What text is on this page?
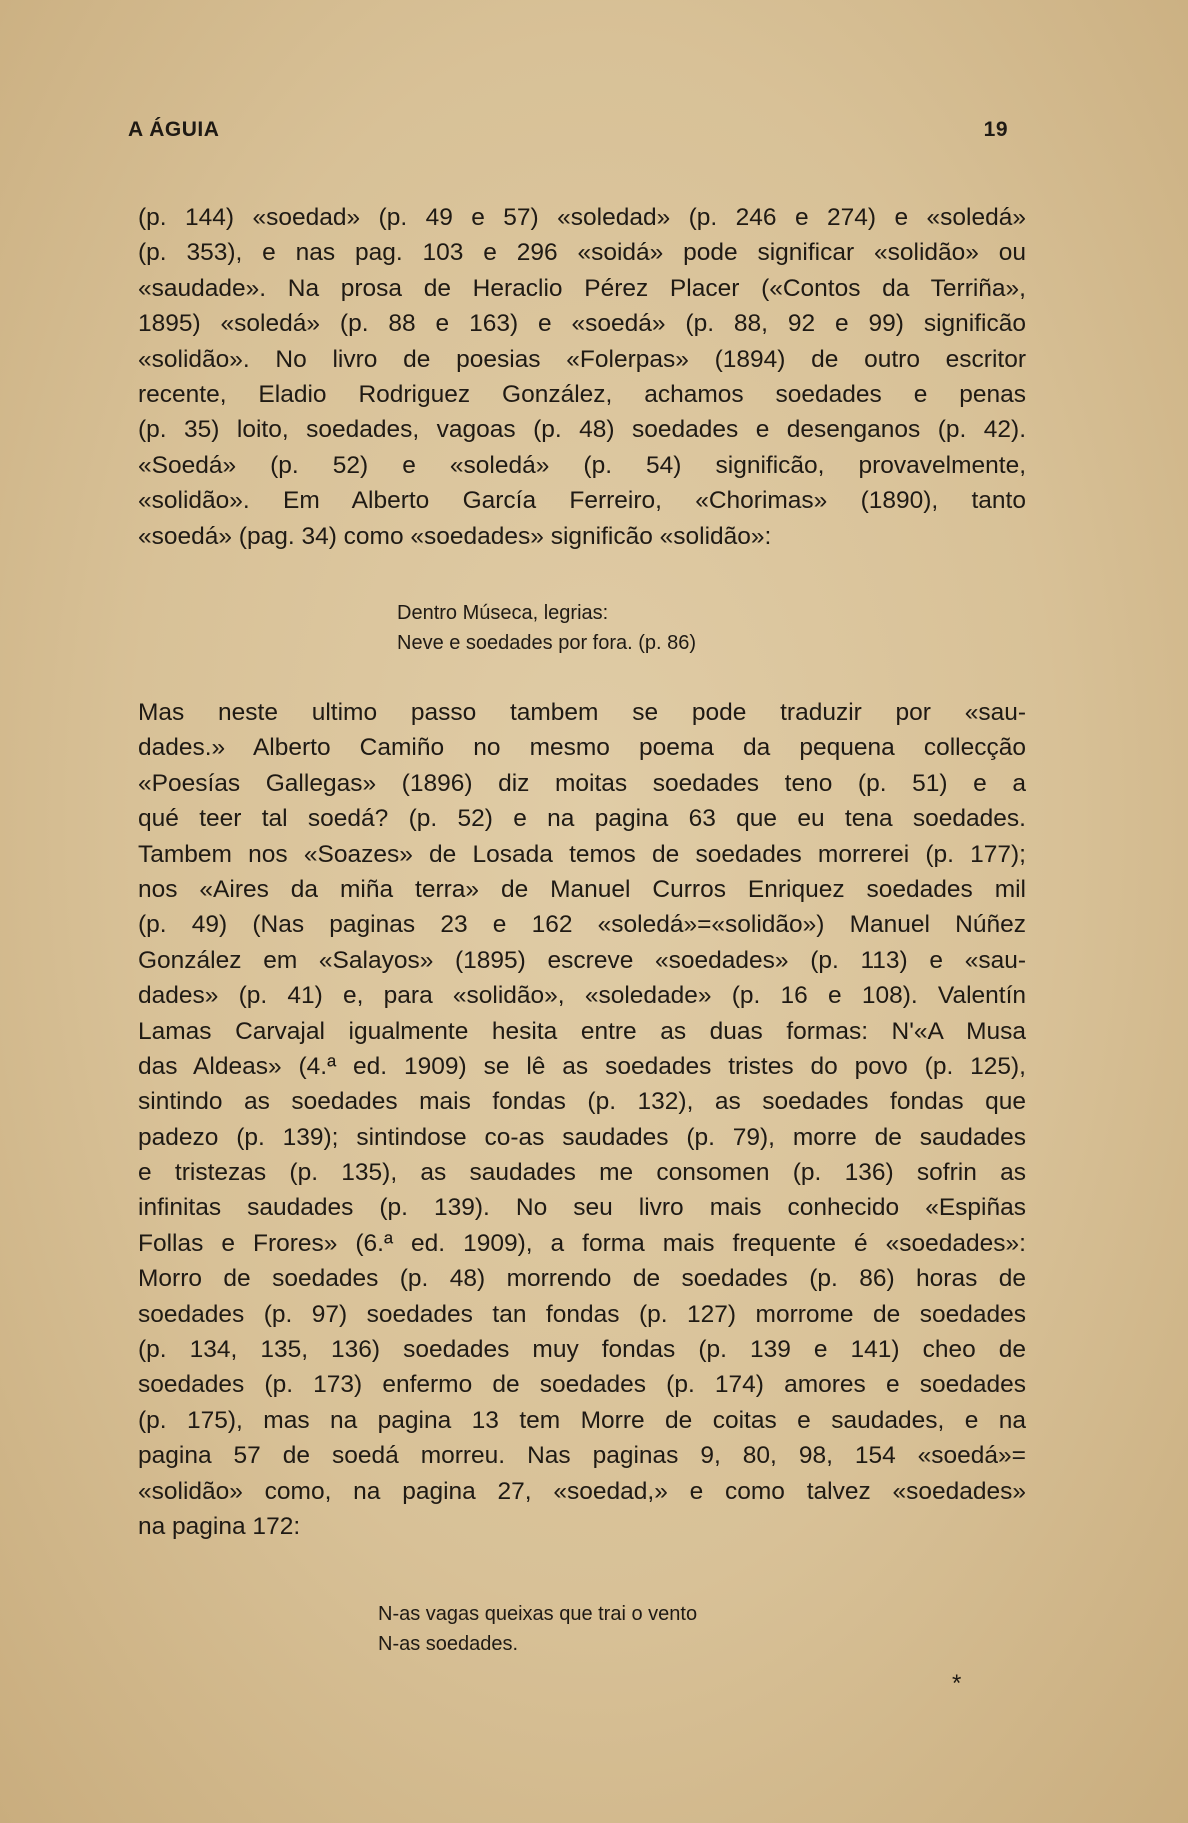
A ÁGUIA	19
(p. 144) «soedad» (p. 49 e 57) «soledad» (p. 246 e 274) e «soledá»
(p. 353), e nas pag. 103 e 296 «soidá» pode significar «solidão» ou
«saudade». Na prosa de Heraclio Pérez Placer («Contos da Terriña»,
1895) «soledá» (p. 88 e 163) e «soedá» (p. 88, 92 e 99) significão
«solidão». No livro de poesias «Folerpas» (1894) de outro escritor
recente, Eladio Rodriguez González, achamos soedades e penas
(p. 35) loito, soedades, vagoas (p. 48) soedades e desenganos (p. 42).
«Soedá» (p. 52) e «soledá» (p. 54) significão, provavelmente,
«solidão». Em Alberto García Ferreiro, «Chorimas» (1890), tanto
«soedá» (pag. 34) como «soedades» significão «solidão»:
Dentro Múseca, legrias:
Neve e soedades por fora. (p. 86)
Mas neste ultimo passo tambem se pode traduzir por «sau-
dades.» Alberto Camiño no mesmo poema da pequena collecção
«Poesías Gallegas» (1896) diz moitas soedades teno (p. 51) e a
qué teer tal soedá? (p. 52) e na pagina 63 que eu tena soedades.
Tambem nos «Soazes» de Losada temos de soedades morrerei (p. 177);
nos «Aires da miña terra» de Manuel Curros Enriquez soedades mil
(p. 49) (Nas paginas 23 e 162 «soledá»=«solidão») Manuel Núñez
González em «Salayos» (1895) escreve «soedades» (p. 113) e «sau-
dades» (p. 41) e, para «solidão», «soledade» (p. 16 e 108). Valentín
Lamas Carvajal igualmente hesita entre as duas formas: N'«A Musa
das Aldeas» (4.ª ed. 1909) se lê as soedades tristes do povo (p. 125),
sintindo as soedades mais fondas (p. 132), as soedades fondas que
padezo (p. 139); sintindose co-as saudades (p. 79), morre de saudades
e tristezas (p. 135), as saudades me consomen (p. 136) sofrin as
infinitas saudades (p. 139). No seu livro mais conhecido «Espiñas
Follas e Frores» (6.ª ed. 1909), a forma mais frequente é «soedades»:
Morro de soedades (p. 48) morrendo de soedades (p. 86) horas de
soedades (p. 97) soedades tan fondas (p. 127) morrome de soedades
(p. 134, 135, 136) soedades muy fondas (p. 139 e 141) cheo de
soedades (p. 173) enfermo de soedades (p. 174) amores e soedades
(p. 175), mas na pagina 13 tem Morre de coitas e saudades, e na
pagina 57 de soedá morreu. Nas paginas 9, 80, 98, 154 «soedá»=
«solidão» como, na pagina 27, «soedad,» e como talvez «soedades»
na pagina 172:
N-as vagas queixas que trai o vento
N-as soedades.
*
